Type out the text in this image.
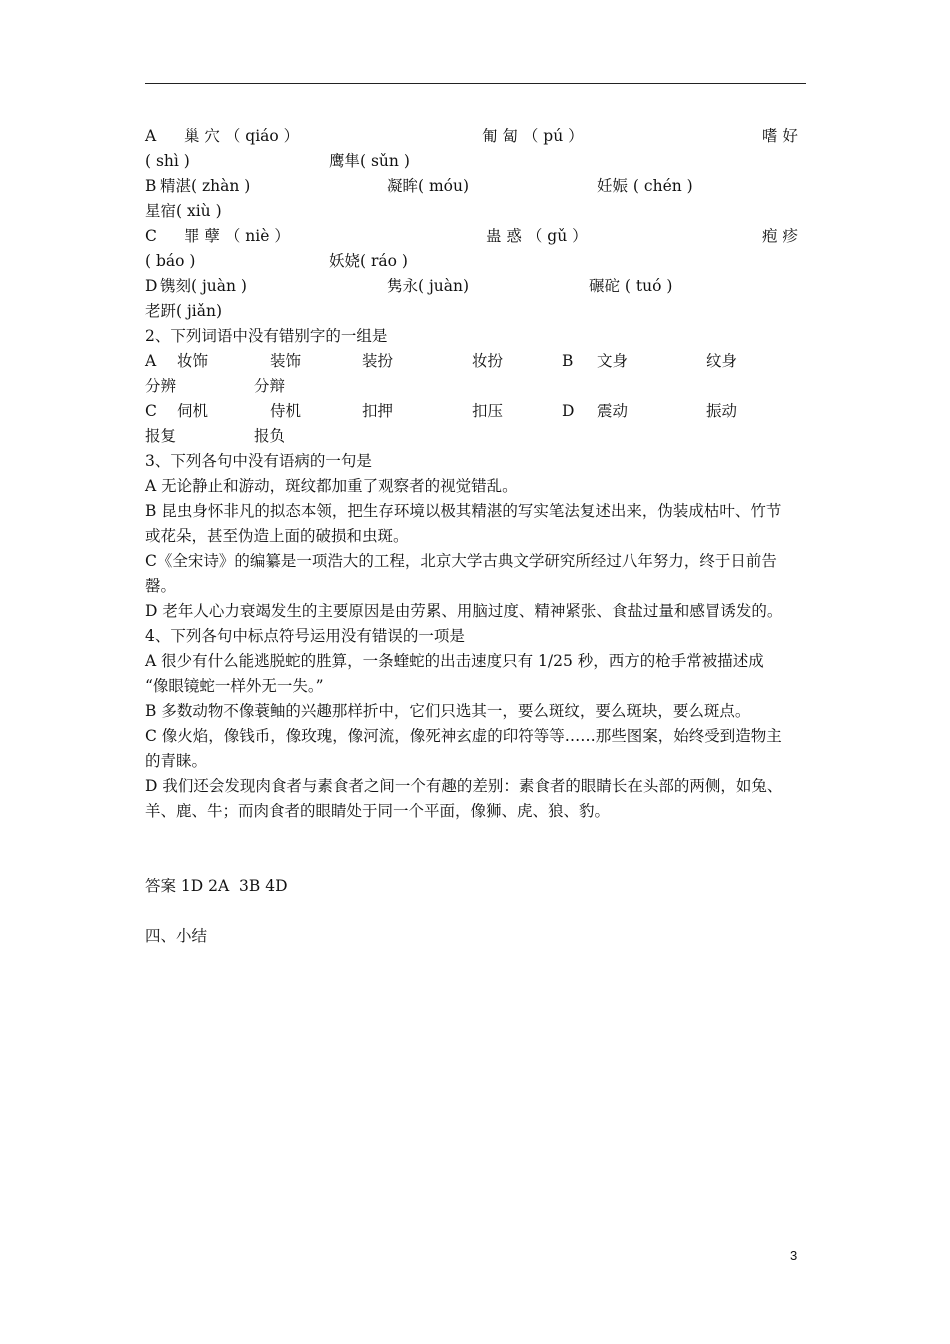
A 巢 穴 （ qiáo ）	匍 匐 （ pú ）	嗜 好
( shì )	鹰隼( sǔn )
B 精湛( zhàn )	凝眸( móu)	妊娠 ( chén )
星宿( xiù )
C 罪 孽 （ niè ）	蛊 惑 （ gǔ ）	疱 疹
( báo )	妖娆( ráo )
D 镌刻( juàn )	隽永( juàn)	碾砣 ( tuó )
老趼( jiǎn)
2、下列词语中没有错别字的一组是
A 妆饰	装饰	装扮	妆扮	B 文身	纹身
分辨	分辩
C 伺机	侍机	扣押	扣压	D 震动	振动
报复	报负
3、下列各句中没有语病的一句是
A 无论静止和游动，斑纹都加重了观察者的视觉错乱。
B 昆虫身怀非凡的拟态本领，把生存环境以极其精湛的写实笔法复述出来，伪装成枯叶、竹节
或花朵，甚至伪造上面的破损和虫斑。
C《全宋诗》的编纂是一项浩大的工程，北京大学古典文学研究所经过八年努力，终于日前告
罄。
D 老年人心力衰竭发生的主要原因是由劳累、用脑过度、精神紧张、食盐过量和感冒诱发的。
4、下列各句中标点符号运用没有错误的一项是
A 很少有什么能逃脱蛇的胜算，一条蝰蛇的出击速度只有 1/25 秒，西方的枪手常被描述成
“像眼镜蛇一样外无一失。”
B 多数动物不像蓑鲉的兴趣那样折中，它们只选其一，要么斑纹，要么斑块，要么斑点。
C 像火焰，像钱币，像玫瑰，像河流，像死神玄虚的印符等等……那些图案，始终受到造物主
的青睐。
D 我们还会发现肉食者与素食者之间一个有趣的差别：素食者的眼睛长在头部的两侧，如兔、
羊、鹿、牛；而肉食者的眼睛处于同一个平面，像狮、虎、狼、豹。
答案 1D 2A  3B 4D
四、小结
3
